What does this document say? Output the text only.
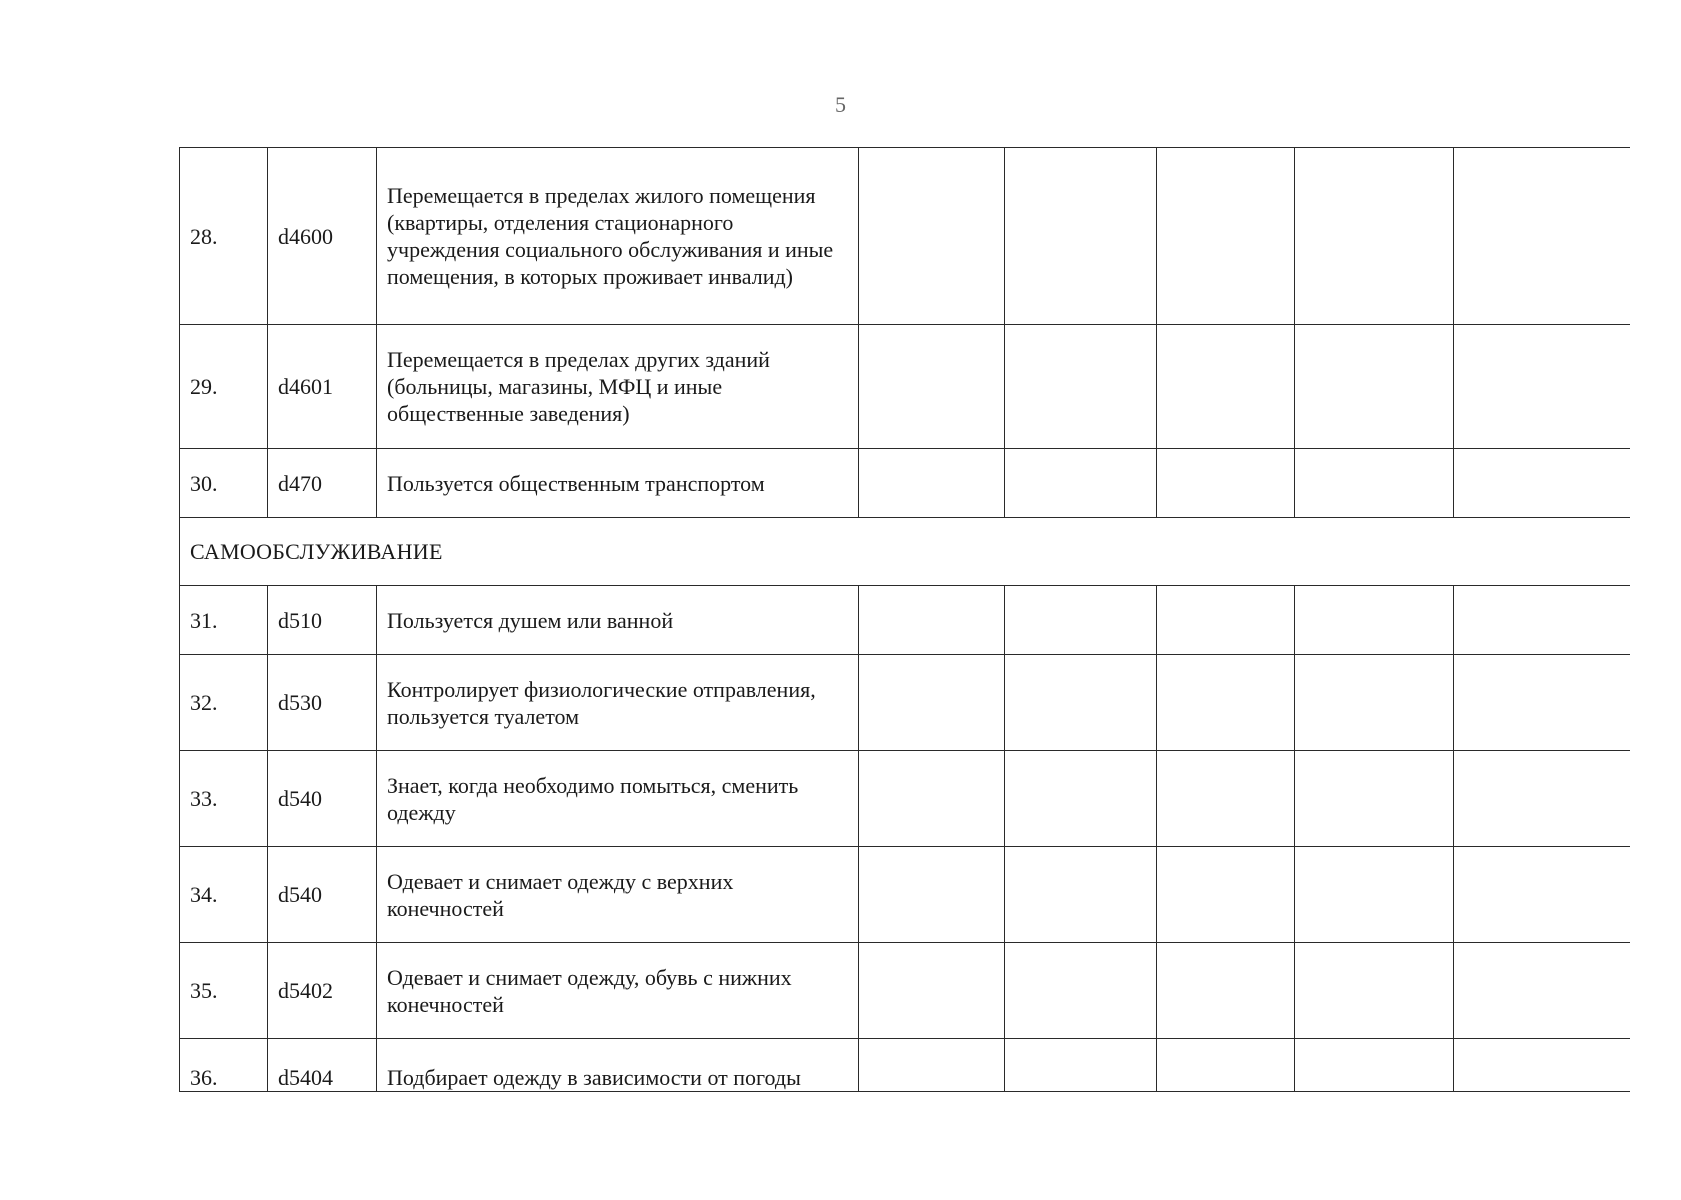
5
28.	d4600	Перемещается в пределах жилого помещения (квартиры, отделения стационарного учреждения социального обслуживания и иные помещения, в которых проживает инвалид)					
29.	d4601	Перемещается в пределах других зданий (больницы, магазины, МФЦ и иные общественные заведения)					
30.	d470	Пользуется общественным транспортом					
САМООБСЛУЖИВАНИЕ							
31.	d510	Пользуется душем или ванной					
32.	d530	Контролирует физиологические отправления, пользуется туалетом					
33.	d540	Знает, когда необходимо помыться, сменить одежду					
34.	d540	Одевает и снимает одежду с верхних конечностей					
35.	d5402	Одевает и снимает одежду, обувь с нижних конечностей					
36.	d5404	Подбирает одежду в зависимости от погоды					
